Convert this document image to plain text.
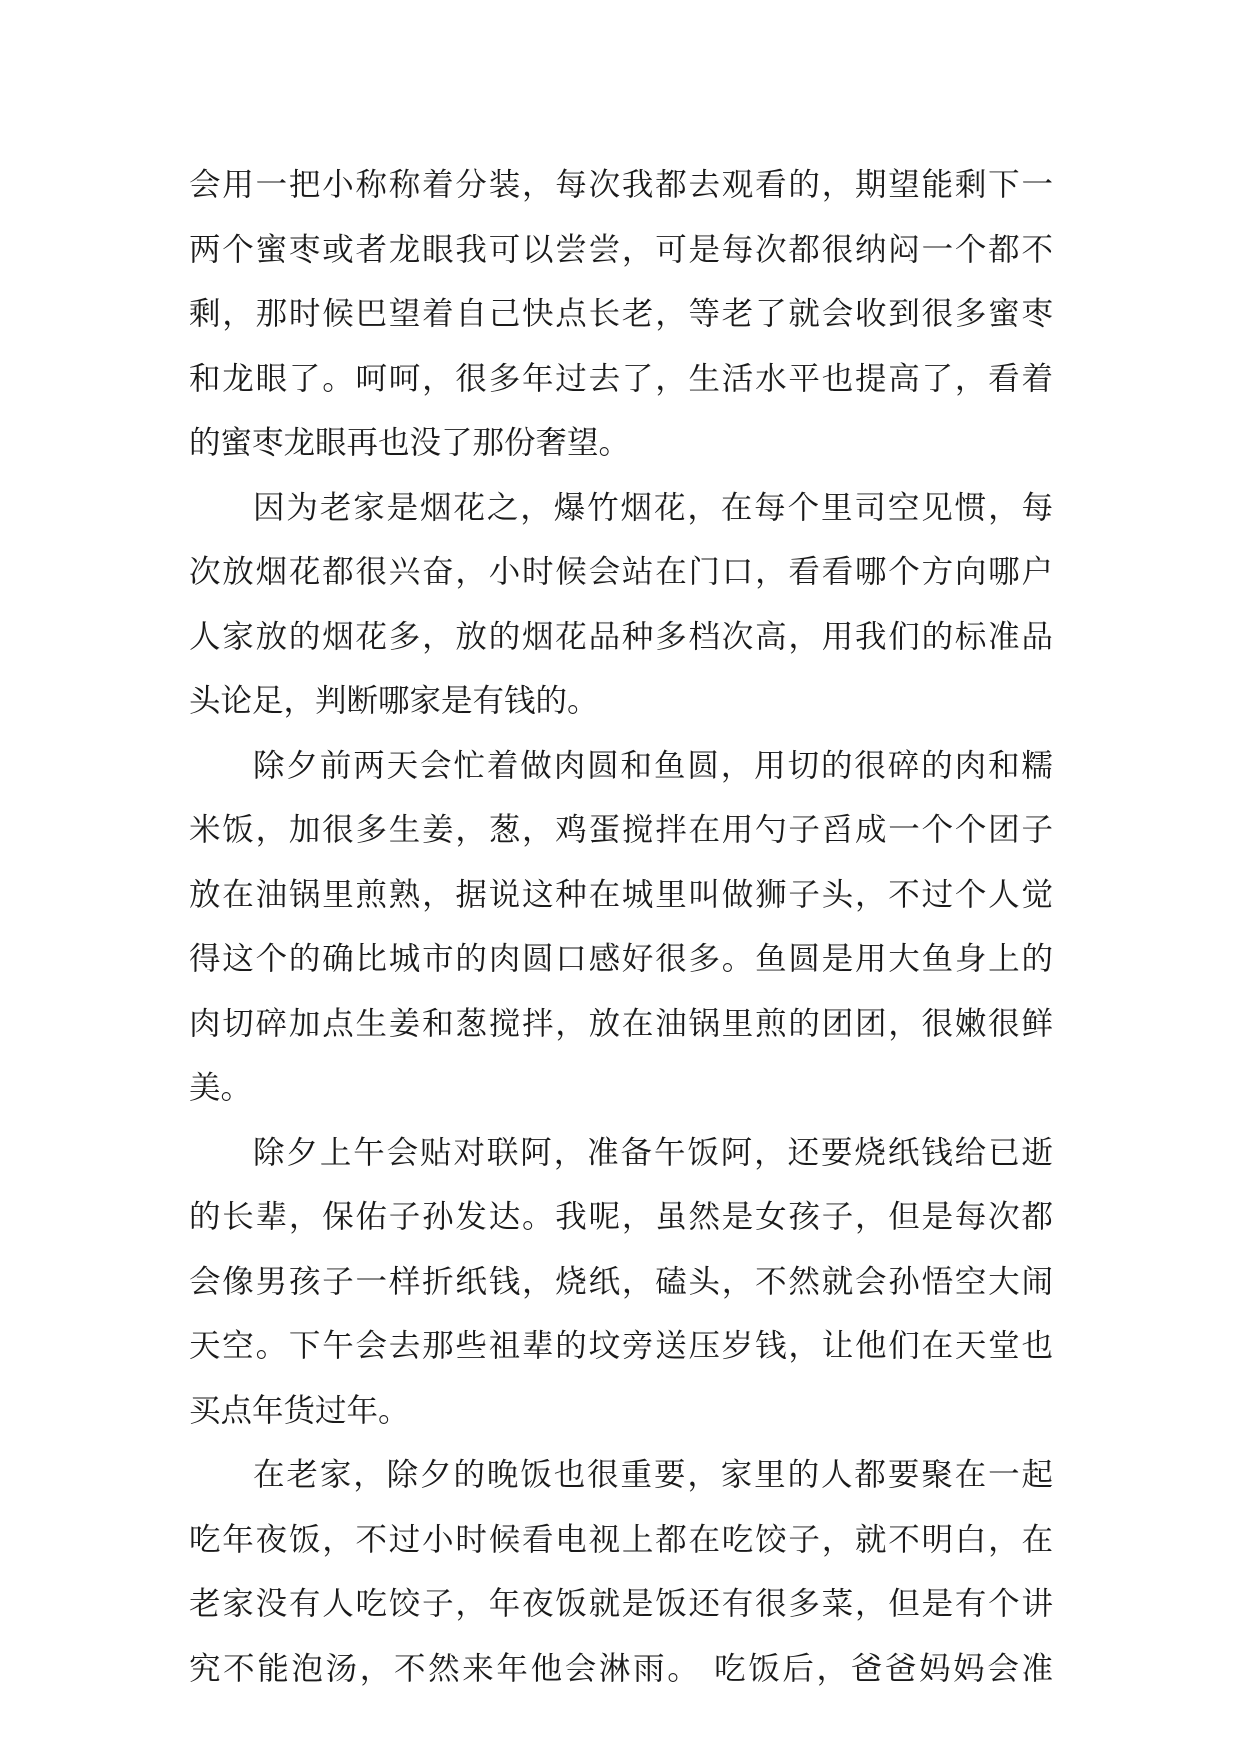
会用一把小称称着分装，每次我都去观看的，期望能剩下一
两个蜜枣或者龙眼我可以尝尝，可是每次都很纳闷一个都不
剩，那时候巴望着自己快点长老，等老了就会收到很多蜜枣
和龙眼了。呵呵，很多年过去了，生活水平也提高了，看着
的蜜枣龙眼再也没了那份奢望。
因为老家是烟花之，爆竹烟花，在每个里司空见惯，每
次放烟花都很兴奋，小时候会站在门口，看看哪个方向哪户
人家放的烟花多，放的烟花品种多档次高，用我们的标准品
头论足，判断哪家是有钱的。
除夕前两天会忙着做肉圆和鱼圆，用切的很碎的肉和糯
米饭，加很多生姜，葱，鸡蛋搅拌在用勺子舀成一个个团子
放在油锅里煎熟，据说这种在城里叫做狮子头，不过个人觉
得这个的确比城市的肉圆口感好很多。鱼圆是用大鱼身上的
肉切碎加点生姜和葱搅拌，放在油锅里煎的团团，很嫩很鲜
美。
除夕上午会贴对联阿，准备午饭阿，还要烧纸钱给已逝
的长辈，保佑子孙发达。我呢，虽然是女孩子，但是每次都
会像男孩子一样折纸钱，烧纸，磕头，不然就会孙悟空大闹
天空。下午会去那些祖辈的坟旁送压岁钱，让他们在天堂也
买点年货过年。
在老家，除夕的晚饭也很重要，家里的人都要聚在一起
吃年夜饭，不过小时候看电视上都在吃饺子，就不明白，在
老家没有人吃饺子，年夜饭就是饭还有很多菜，但是有个讲
究不能泡汤，不然来年他会淋雨。 吃饭后，爸爸妈妈会准
